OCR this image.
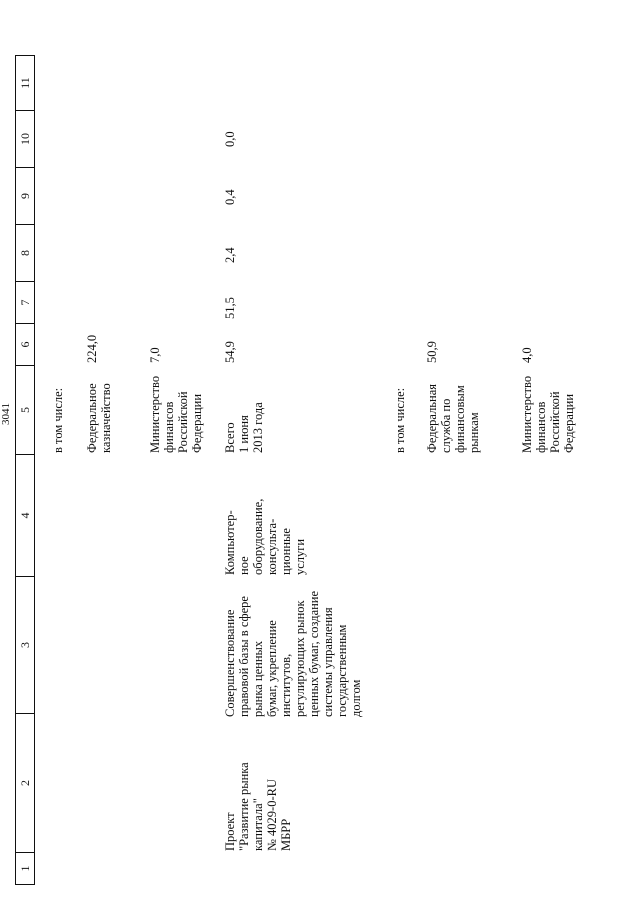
1
2
3
4
5
6
7
8
9
10
11
3041
Проект "Развитие рынка капитала" № 4029-0-RU МБРР
Совершенствование правовой базы в сфере рынка ценных бумаг, укрепление институтов, регулирующих рынок ценных бумаг, создание системы управления государственным долгом
Компьютер- ное оборудование, консульта- ционные услуги
в том числе: Федеральное казначейство
224,0
Министерство финансов Российской Федерации
7,0
Всего 1 июня 2013 года
54,9
51,5
2,4
0,4
0,0
в том числе: Федеральная служба по финансовым рынкам
50,9
Министерство финансов Российской Федерации
4,0
